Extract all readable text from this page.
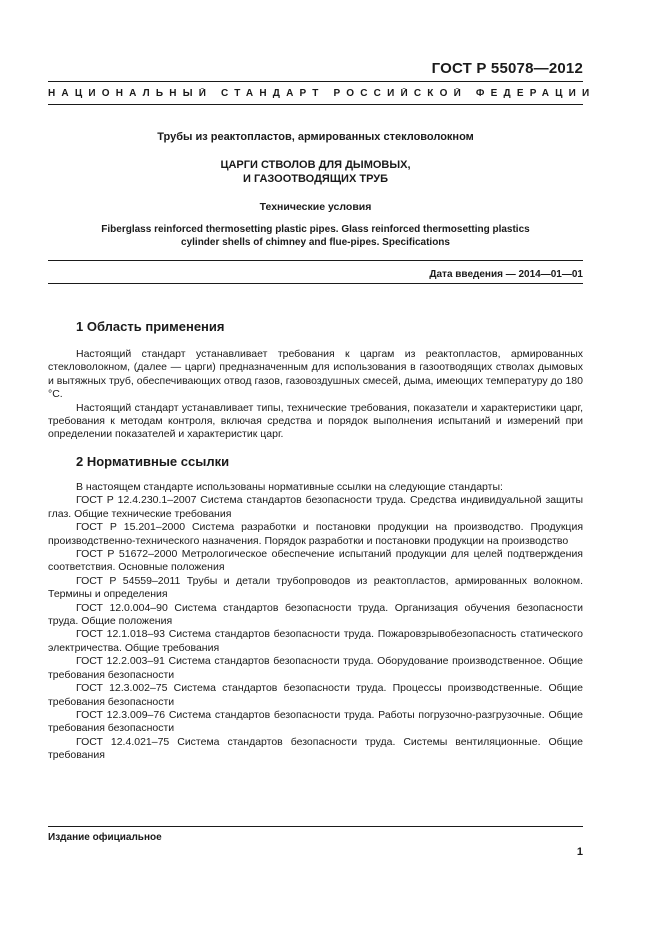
ГОСТ Р 55078—2012
НАЦИОНАЛЬНЫЙ СТАНДАРТ РОССИЙСКОЙ ФЕДЕРАЦИИ
Трубы из реактопластов, армированных стекловолокном
ЦАРГИ СТВОЛОВ ДЛЯ ДЫМОВЫХ,
И ГАЗООТВОДЯЩИХ ТРУБ
Технические условия
Fiberglass reinforced thermosetting plastic pipes. Glass reinforced thermosetting plastics
cylinder shells of chimney and flue-pipes. Specifications
Дата введения — 2014—01—01
1 Область применения

Настоящий стандарт устанавливает требования к царгам из реактопластов, армированных стекловолокном, (далее — царги) предназначенным для использования в газоотводящих стволах дымовых и вытяжных труб, обеспечивающих отвод газов, газовоздушных смесей, дыма, имеющих температуру до 180 °С.

Настоящий стандарт устанавливает типы, технические требования, показатели и характеристики царг, требования к методам контроля, включая средства и порядок выполнения испытаний и измерений при определении показателей и характеристик царг.

2 Нормативные ссылки

В настоящем стандарте использованы нормативные ссылки на следующие стандарты:

ГОСТ Р 12.4.230.1–2007 Система стандартов безопасности труда. Средства индивидуальной защиты глаз. Общие технические требования

ГОСТ Р 15.201–2000 Система разработки и постановки продукции на производство. Продукция производственно-технического назначения. Порядок разработки и постановки продукции на производство

ГОСТ Р 51672–2000 Метрологическое обеспечение испытаний продукции для целей подтверждения соответствия. Основные положения

ГОСТ Р 54559–2011 Трубы и детали трубопроводов из реактопластов, армированных волокном. Термины и определения

ГОСТ 12.0.004–90 Система стандартов безопасности труда. Организация обучения безопасности труда. Общие положения

ГОСТ 12.1.018–93 Система стандартов безопасности труда. Пожаровзрывобезопасность статического электричества. Общие требования

ГОСТ 12.2.003–91 Система стандартов безопасности труда. Оборудование производственное. Общие требования безопасности

ГОСТ 12.3.002–75 Система стандартов безопасности труда. Процессы производственные. Общие требования безопасности

ГОСТ 12.3.009–76 Система стандартов безопасности труда. Работы погрузочно-разгрузочные. Общие требования безопасности

ГОСТ 12.4.021–75 Система стандартов безопасности труда. Системы вентиляционные. Общие требования

Издание официальное
1
